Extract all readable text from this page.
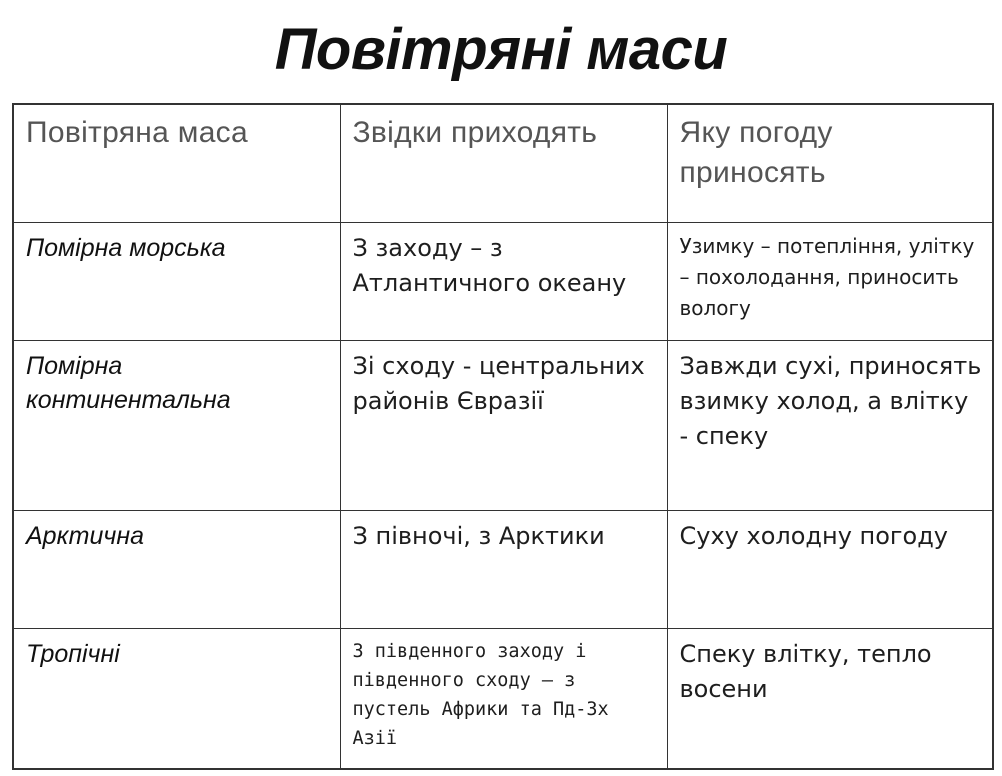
Повітряні маси
Повітряна маса	Звідки приходять	Яку погоду приносять
Помірна морська	З заходу – з Атлантичного океану	Узимку – потепління, улітку – похолодання, приносить вологу
Помірна континентальна	Зі сходу - центральних районів Євразії	Завжди сухі, приносять взимку холод, а влітку - спеку
Арктична	З півночі, з Арктики	Суху холодну погоду
Тропічні	З південного заходу і південного сходу – з пустель Африки та Пд-Зх Азії	Спеку влітку, тепло восени
